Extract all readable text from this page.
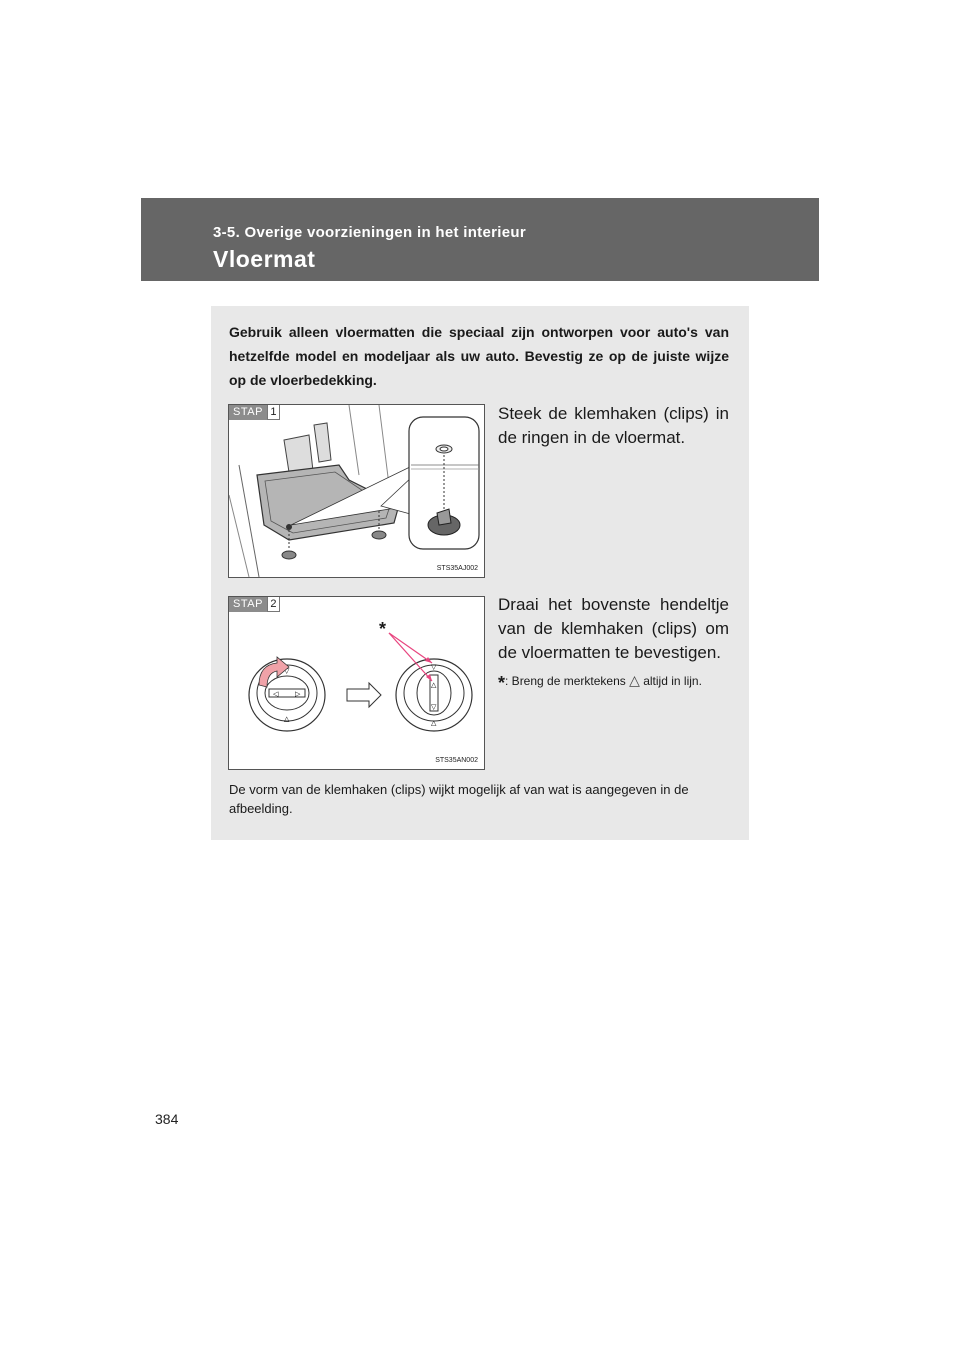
3-5. Overige voorzieningen in het interieur
Vloermat
Gebruik alleen vloermatten die speciaal zijn ontworpen voor auto's van hetzelfde model en modeljaar als uw auto. Bevestig ze op de juiste wijze op de vloerbedekking.
STAP 1
STS35AJ002
Steek de klemhaken (clips) in de ringen in de vloermat.
◁ ▷
▽
△
▽
△
▽
△
STAP 2
*
STS35AN002
Draai het bovenste hendeltje van de klemhaken (clips) om de vloermatten te bevestigen.
*: Breng de merktekens △ altijd in lijn.
De vorm van de klemhaken (clips) wijkt mogelijk af van wat is aangegeven in de afbeelding.
384
